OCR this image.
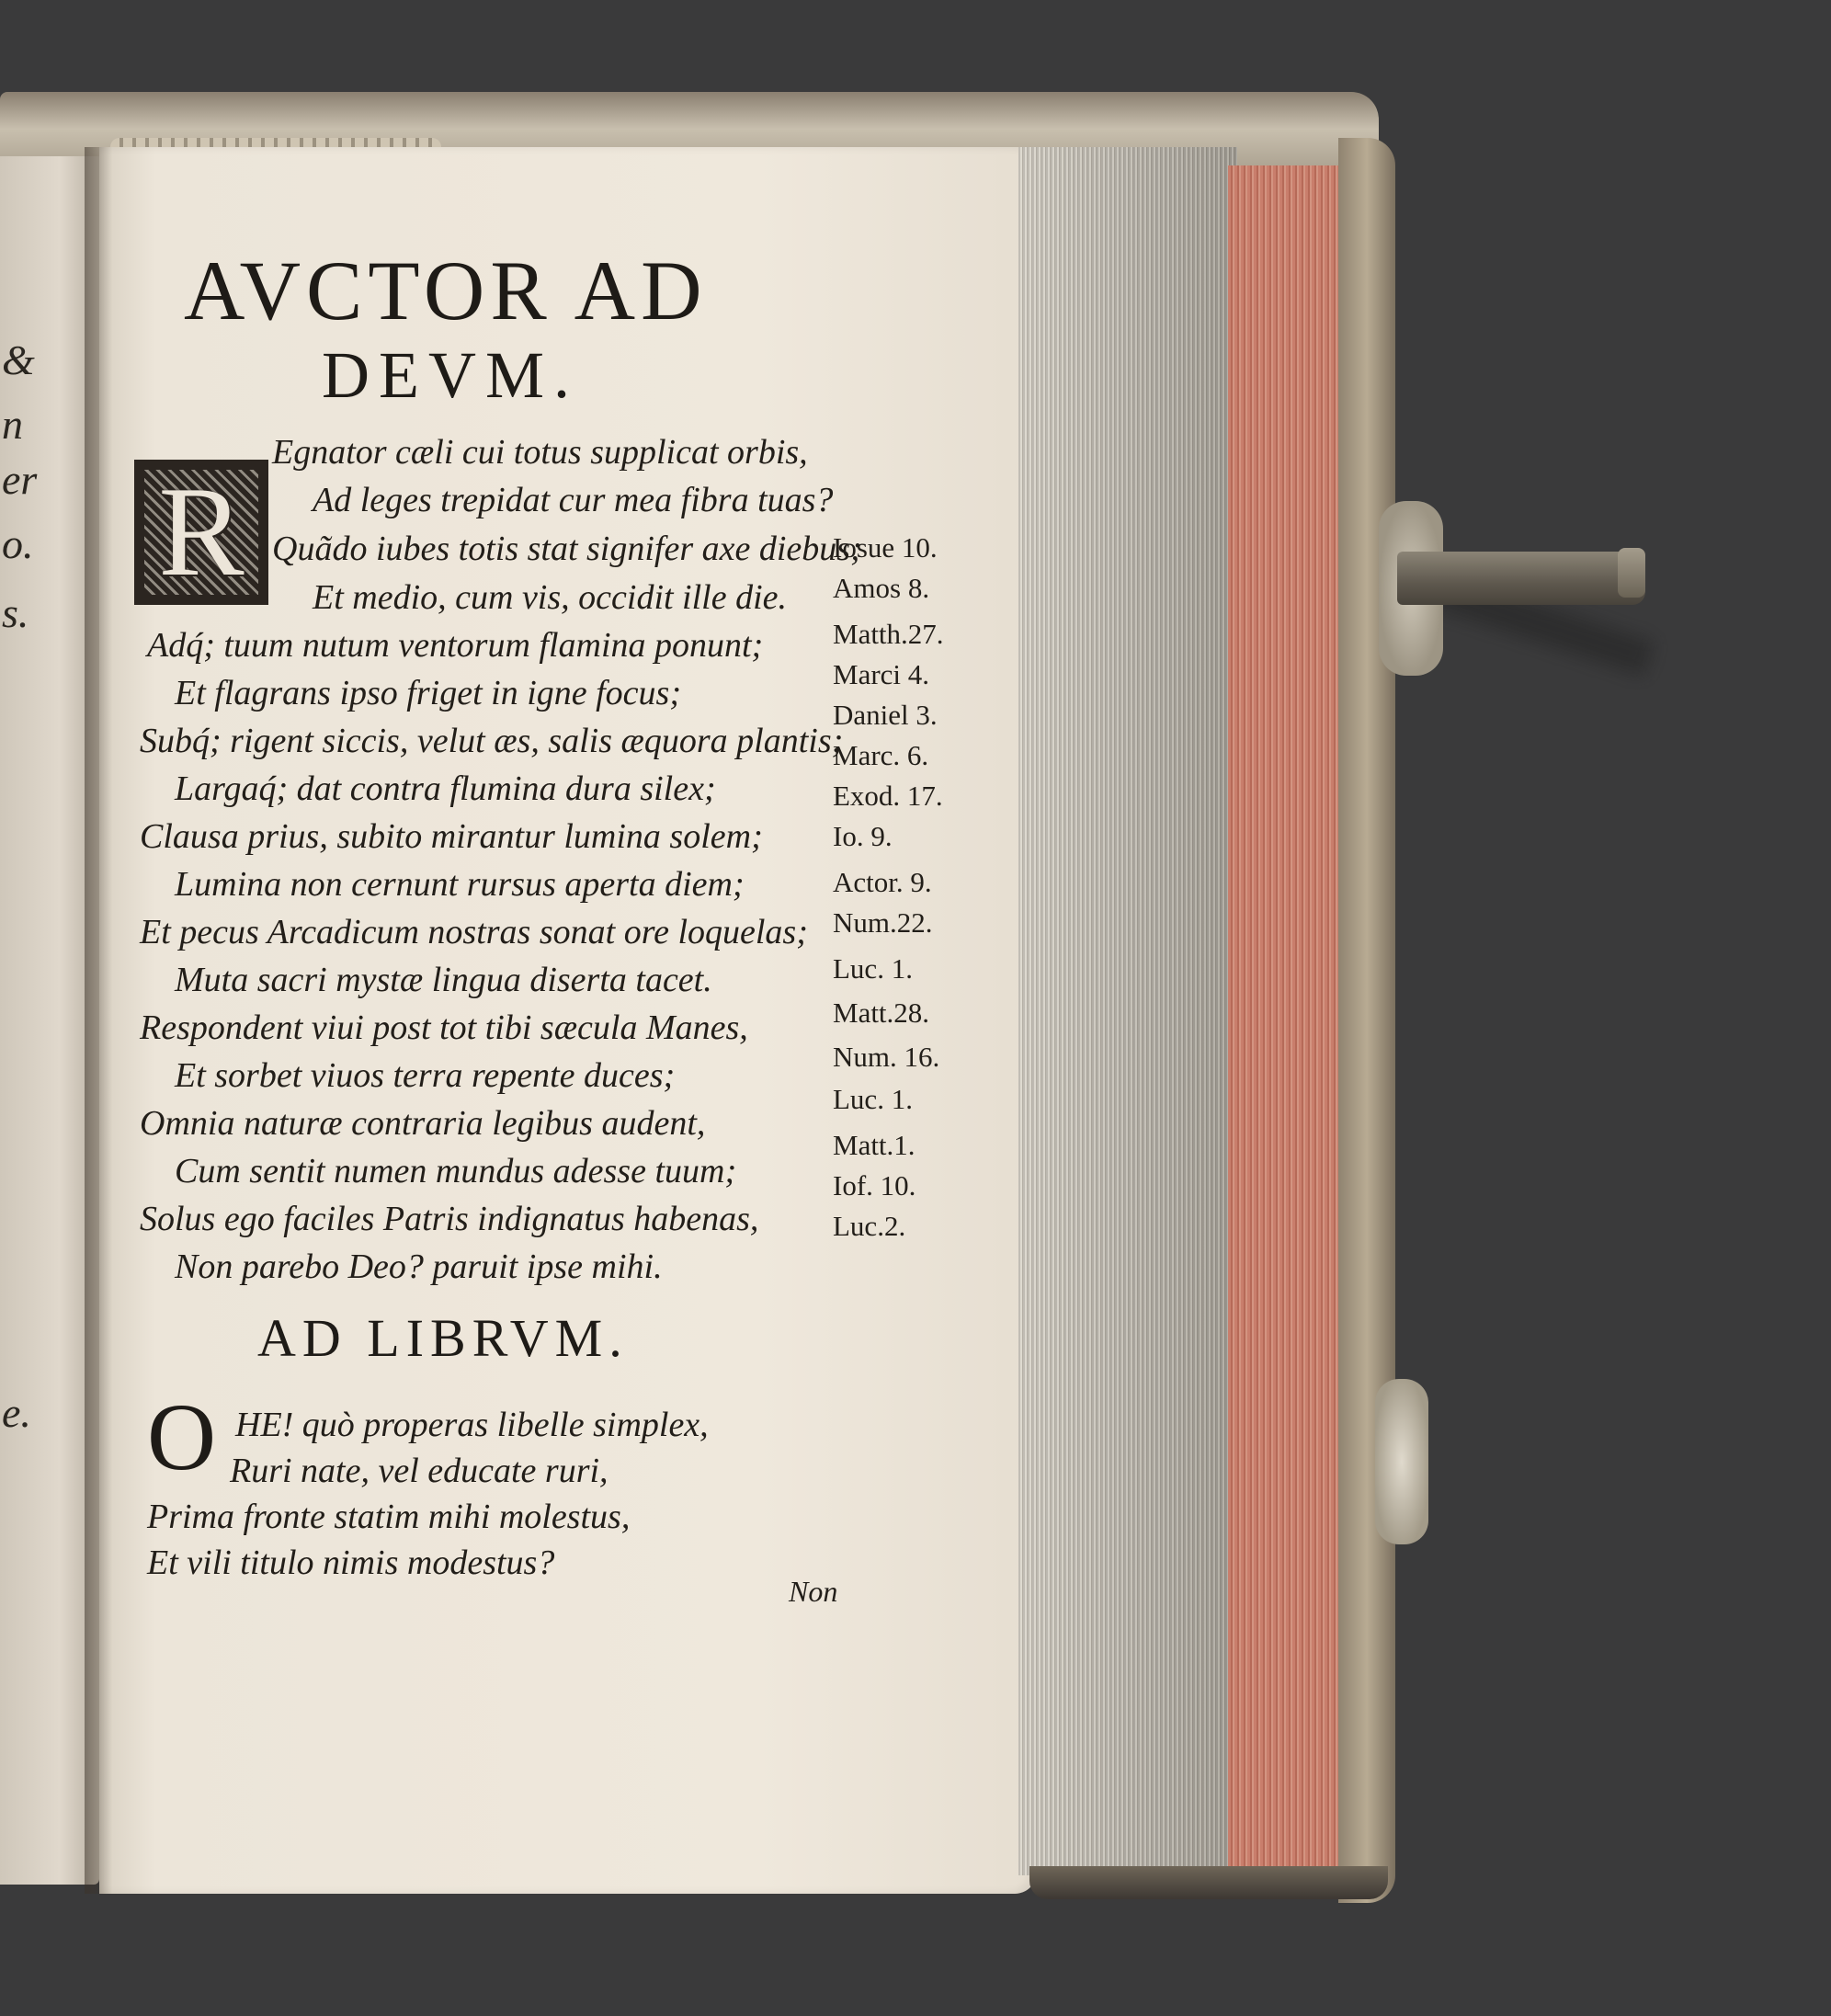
&
n
er
o.
s.
e.
AVCTOR AD
DEVM.
R
Egnator cæli cui totus supplicat orbis,
Ad leges trepidat cur mea fibra tuas?
Quãdo iubes totis stat signifer axe diebus;
Iosue 10.
Et medio, cum vis, occidit ille die. Amos 8.
Adq́; tuum nutum ventorum flamina ponunt; Matth.27.
Et flagrans ipso friget in igne focus;	Marci 4.
Subq́; rigent siccis, velut æs, salis æquora plantis;
Daniel 3.
Largaq́; dat contra flumina dura silex;
Marc. 6.
Clausa prius, subito mirantur lumina solem;
Exod. 17.
Lumina non cernunt rursus aperta diem;
Io. 9.
Et pecus Arcadicum nostras sonat ore loquelas;
Actor. 9.
Muta sacri mystæ lingua diserta tacet.
Num.22.
Respondent viui post tot tibi sæcula Manes,
Luc. 1.
Et sorbet viuos terra repente duces;
Matt.28.
Omnia naturæ contraria legibus audent,
Num. 16.
Cum sentit numen mundus adesse tuum;
Luc. 1.
Solus ego faciles Patris indignatus habenas,
Matt.1.
Non parebo Deo? paruit ipse mihi.
Iof. 10.
AD LIBRVM.
O HE! quò properas libelle simplex,
Ruri nate, vel educate ruri,
Prima fronte statim mihi molestus,
Et vili titulo nimis modestus?
Non
Luc.2.
